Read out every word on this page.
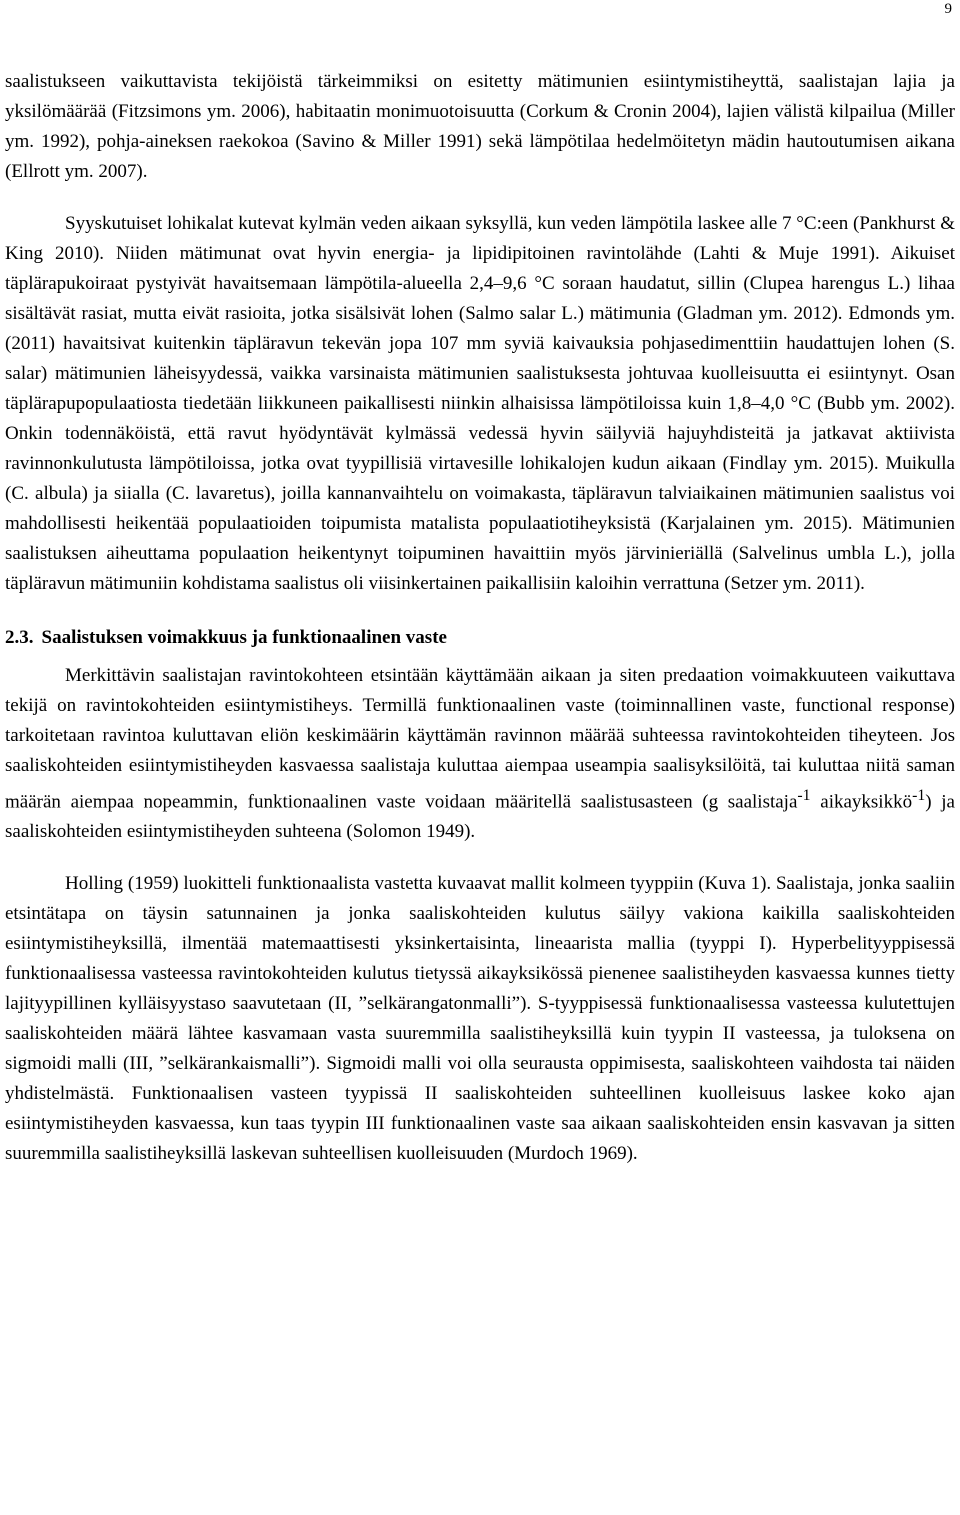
9

saalistukseen vaikuttavista tekijöistä tärkeimmiksi on esitetty mätimunien esiintymistiheyttä, saalistajan lajia ja yksilömäärää (Fitzsimons ym. 2006), habitaatin monimuotoisuutta (Corkum & Cronin 2004), lajien välistä kilpailua (Miller ym. 1992), pohja-aineksen raekokoa (Savino & Miller 1991) sekä lämpötilaa hedelmöitetyn mädin hautoutumisen aikana (Ellrott ym. 2007).

Syyskutuiset lohikalat kutevat kylmän veden aikaan syksyllä, kun veden lämpötila laskee alle 7 °C:een (Pankhurst & King 2010). Niiden mätimunat ovat hyvin energia- ja lipidipitoinen ravintolähde (Lahti & Muje 1991). Aikuiset täplärapukoiraat pystyivät havaitsemaan lämpötila-alueella 2,4–9,6 °C soraan haudatut, sillin (Clupea harengus L.) lihaa sisältävät rasiat, mutta eivät rasioita, jotka sisälsivät lohen (Salmo salar L.) mätimunia (Gladman ym. 2012). Edmonds ym. (2011) havaitsivat kuitenkin täpläravun tekevän jopa 107 mm syviä kaivauksia pohjasedimenttiin haudattujen lohen (S. salar) mätimunien läheisyydessä, vaikka varsinaista mätimunien saalistuksesta johtuvaa kuolleisuutta ei esiintynyt. Osan täplärapupopulaatiosta tiedetään liikkuneen paikallisesti niinkin alhaisissa lämpötiloissa kuin 1,8–4,0 °C (Bubb ym. 2002). Onkin todennäköistä, että ravut hyödyntävät kylmässä vedessä hyvin säilyviä hajuyhdisteitä ja jatkavat aktiivista ravinnonkulutusta lämpötiloissa, jotka ovat tyypillisiä virtavesille lohikalojen kudun aikaan (Findlay ym. 2015). Muikulla (C. albula) ja siialla (C. lavaretus), joilla kannanvaihtelu on voimakasta, täpläravun talviaikainen mätimunien saalistus voi mahdollisesti heikentää populaatioiden toipumista matalista populaatiotiheyksistä (Karjalainen ym. 2015). Mätimunien saalistuksen aiheuttama populaation heikentynyt toipuminen havaittiin myös järvinieriällä (Salvelinus umbla L.), jolla täpläravun mätimuniin kohdistama saalistus oli viisinkertainen paikallisiin kaloihin verrattuna (Setzer ym. 2011).

2.3. Saalistuksen voimakkuus ja funktionaalinen vaste

Merkittävin saalistajan ravintokohteen etsintään käyttämään aikaan ja siten predaation voimakkuuteen vaikuttava tekijä on ravintokohteiden esiintymistiheys. Termillä funktionaalinen vaste (toiminnallinen vaste, functional response) tarkoitetaan ravintoa kuluttavan eliön keskimäärin käyttämän ravinnon määrää suhteessa ravintokohteiden tiheyteen. Jos saaliskohteiden esiintymistiheyden kasvaessa saalistaja kuluttaa aiempaa useampia saalisyksilöitä, tai kuluttaa niitä saman määrän aiempaa nopeammin, funktionaalinen vaste voidaan määritellä saalistusasteen (g saalistaja$^{-1}$ aikayksikkö$^{-1}$) ja saaliskohteiden esiintymistiheyden suhteena (Solomon 1949).

Holling (1959) luokitteli funktionaalista vastetta kuvaavat mallit kolmeen tyyppiin (Kuva 1). Saalistaja, jonka saaliin etsintätapa on täysin satunnainen ja jonka saaliskohteiden kulutus säilyy vakiona kaikilla saaliskohteiden esiintymistiheyksillä, ilmentää matemaattisesti yksinkertaisinta, lineaarista mallia (tyyppi I). Hyperbelityyppisessä funktionaalisessa vasteessa ravintokohteiden kulutus tietyssä aikayksikössä pienenee saalistiheyden kasvaessa kunnes tietty lajityypillinen kylläisyystaso saavutetaan (II, ”selkärangatonmalli”). S-tyyppisessä funktionaalisessa vasteessa kulutettujen saaliskohteiden määrä lähtee kasvamaan vasta suuremmilla saalistiheyksillä kuin tyypin II vasteessa, ja tuloksena on sigmoidi malli (III, ”selkärankaismalli”). Sigmoidi malli voi olla seurausta oppimisesta, saaliskohteen vaihdosta tai näiden yhdistelmästä. Funktionaalisen vasteen tyypissä II saaliskohteiden suhteellinen kuolleisuus laskee koko ajan esiintymistiheyden kasvaessa, kun taas tyypin III funktionaalinen vaste saa aikaan saaliskohteiden ensin kasvavan ja sitten suuremmilla saalistiheyksillä laskevan suhteellisen kuolleisuuden (Murdoch 1969).
